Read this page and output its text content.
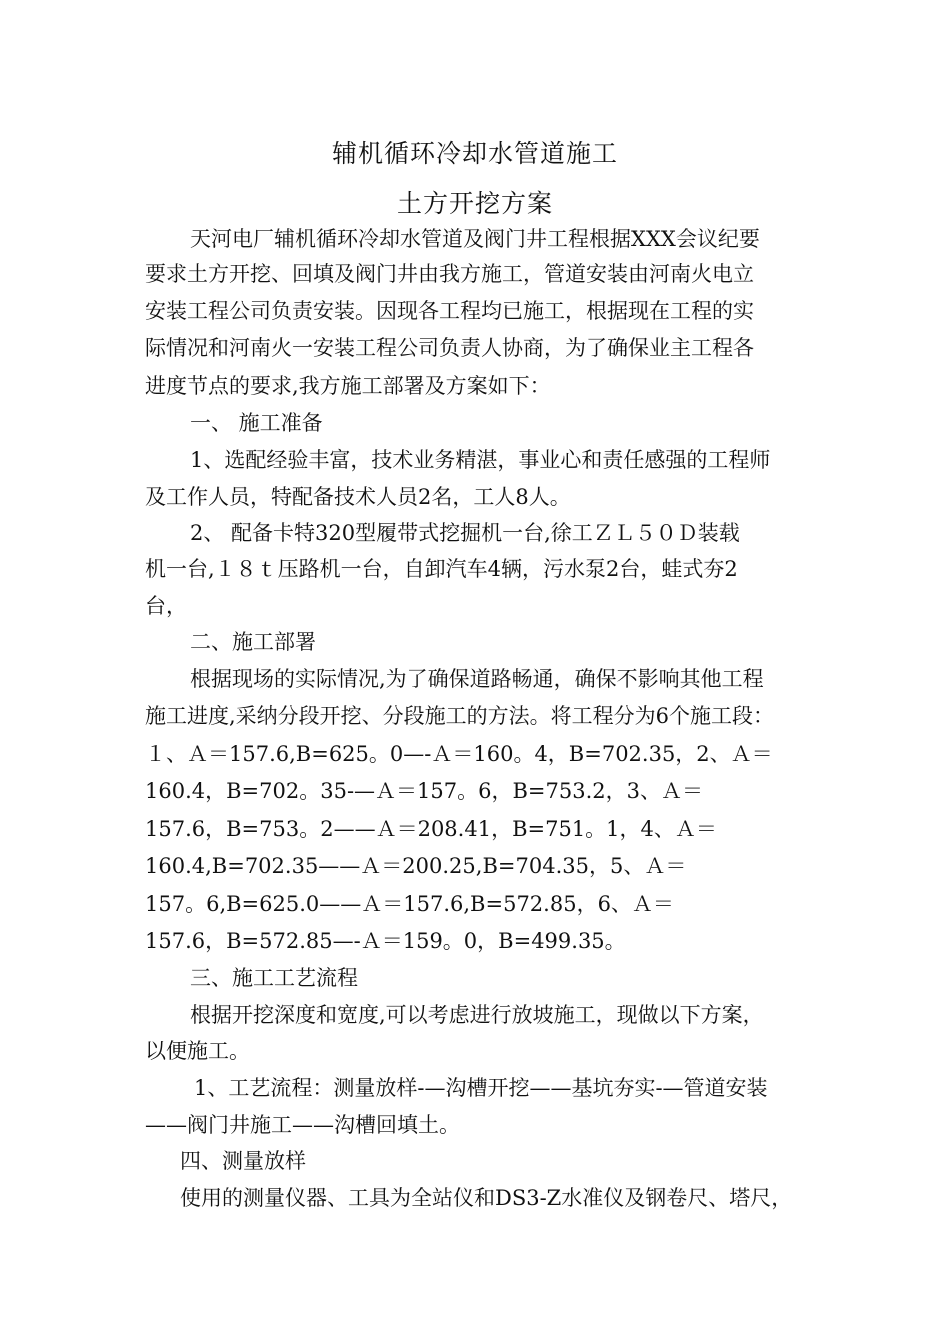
辅机循环冷却水管道施工
土方开挖方案
天河电厂辅机循环冷却水管道及阀门井工程根据XXX会议纪要
要求土方开挖、回填及阀门井由我方施工，管道安装由河南火电立
安装工程公司负责安装。因现各工程均已施工，根据现在工程的实
际情况和河南火一安装工程公司负责人协商，为了确保业主工程各
进度节点的要求,我方施工部署及方案如下：
一、 施工准备
1、选配经验丰富，技术业务精湛，事业心和责任感强的工程师
及工作人员，特配备技术人员2名，工人8人。
2、 配备卡特320型履带式挖掘机一台,徐工ＺＬ５０Ｄ装载
机一台,１８ｔ压路机一台，自卸汽车4辆，污水泵2台，蛙式夯2
台，
二、施工部署
根据现场的实际情况,为了确保道路畅通，确保不影响其他工程
施工进度,采纳分段开挖、分段施工的方法。将工程分为6个施工段：
１、Ａ＝157.6,B=625。0—-Ａ＝160。4，B=702.35，2、Ａ＝
160.4，B=702。35-—Ａ＝157。6，B=753.2，3、Ａ＝
157.6，B=753。2——Ａ＝208.41，B=751。1，4、Ａ＝
160.4,B=702.35——Ａ＝200.25,B=704.35，5、Ａ＝
157。6,B=625.0——Ａ＝157.6,B=572.85，6、Ａ＝
157.6，B=572.85—-Ａ＝159。0，B=499.35。
三、施工工艺流程
根据开挖深度和宽度,可以考虑进行放坡施工，现做以下方案，
以便施工。
1、工艺流程：测量放样-—沟槽开挖——基坑夯实-—管道安装
——阀门井施工——沟槽回填土。
四、测量放样
使用的测量仪器、工具为全站仪和DS3-Z水准仪及钢卷尺、塔尺，
